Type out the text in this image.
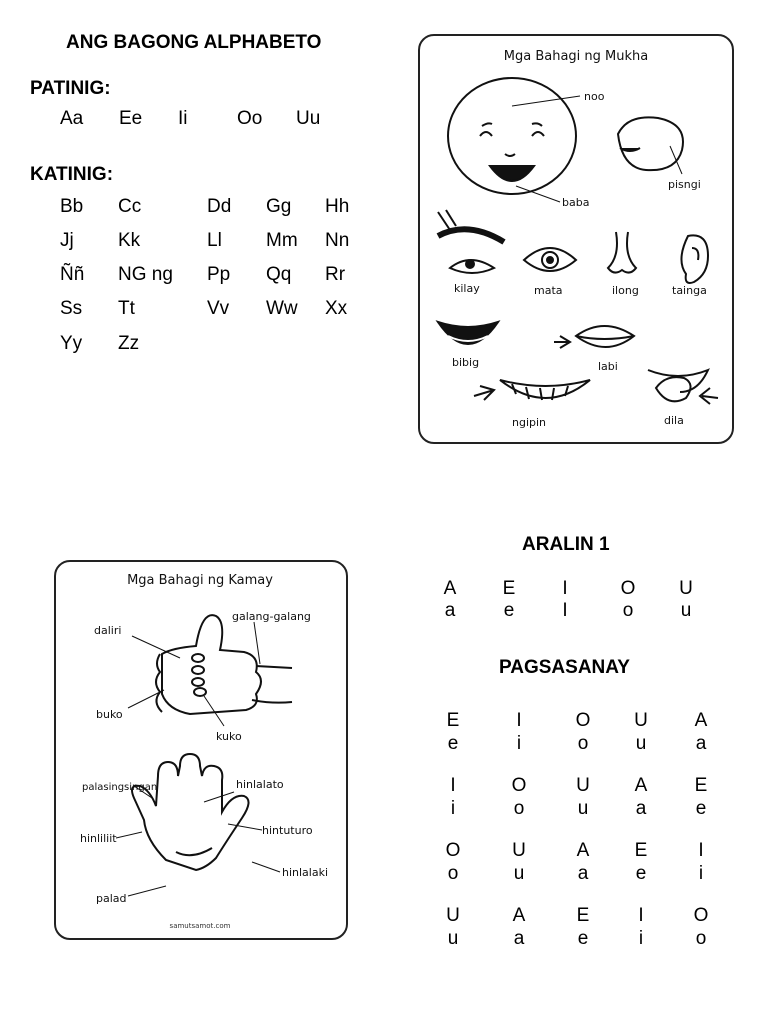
ANG BAGONG ALPHABETO
PATINIG:
Aa Ee Ii	Oo Uu
KATINIG:
Bb Cc	Dd Gg Hh
Jj Kk	Ll Mm Nn
Ññ NG ng Pp Qq Rr
Ss Tt	Vv Ww Xx
Yy Zz
Mga Bahagi ng Mukha
noo
baba
pisngi
kilay	mata	ilong	tainga
bibig	labi
ngipin	dila
Mga Bahagi ng Kamay
daliri
galang-galang
buko
kuko
palasingsingan	hinlalato
hintuturo
hinliliit
hinlalaki
palad
samutsamot.com
ARALIN 1
A E	I	O U
a	e	I	o	u
PAGSASANAY
E	I	O U A
e	i	o	u	a
I	O	U A E
i	o	u	a	e
O	U	A E	I
o	u	a	e	i
U	A	E	I	O
u	a	e	i	o
